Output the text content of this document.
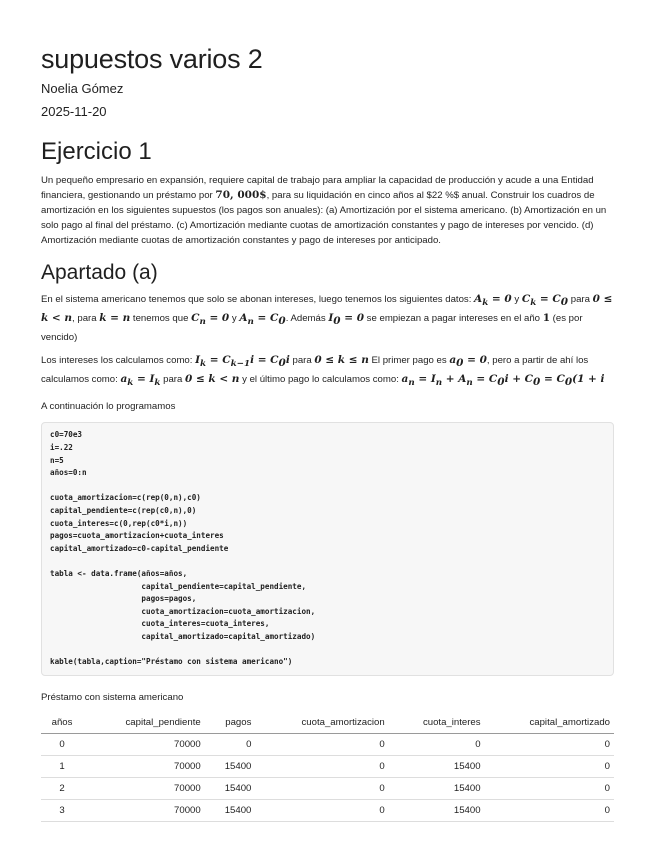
supuestos varios 2

Noelia Gómez

2025-11-20

Ejercicio 1

Un pequeño empresario en expansión, requiere capital de trabajo para ampliar la capacidad de producción y acude a una Entidad financiera, gestionando un préstamo por 70, 000$, para su liquidación en cinco años al $22 %$ anual. Construir los cuadros de amortización en los siguientes supuestos (los pagos son anuales): (a) Amortización por el sistema americano. (b) Amortización en un solo pago al final del préstamo. (c) Amortización mediante cuotas de amortización constantes y pago de intereses por vencido. (d) Amortización mediante cuotas de amortización constantes y pago de intereses por anticipado.

Apartado (a)

En el sistema americano tenemos que solo se abonan intereses, luego tenemos los siguientes datos: $A_k = 0$ y $C_k = C_0$ para 0 ≤ k < n, para k = n tenemos que $C_n = 0$ y $A_n = C_0$. Además $I_0 = 0$ se empiezan a pagar intereses en el año 1 (es por vencido)

Los intereses los calculamos como: $I_k = C_{k-1}i = C_0i$ para 0 ≤ k ≤ n El primer pago es $a_0 = 0$, pero a partir de ahí los calculamos como: $a_k = I_k$ para 0 ≤ k < n y el último pago lo calculamos como: $a_n = I_n + A_n = C_0i + C_0 = C_0(1 + i$

A continuación lo programamos

c0=70e3
i=.22
n=5
años=0:n

cuota_amortizacion=c(rep(0,n),c0)
capital_pendiente=c(rep(c0,n),0)
cuota_interes=c(0,rep(c0*i,n))
pagos=cuota_amortizacion+cuota_interes
capital_amortizado=c0-capital_pendiente

tabla <- data.frame(años=años,
capital_pendiente=capital_pendiente,
pagos=pagos,
cuota_amortizacion=cuota_amortizacion,
cuota_interes=cuota_interes,
capital_amortizado=capital_amortizado)

kable(tabla,caption="Préstamo con sistema americano")

Préstamo con sistema americano

años	capital_pendiente	pagos	cuota_amortizacion	cuota_interes	capital_amortizado
0	70000	0	0	0	0
1	70000	15400	0	15400	0
2	70000	15400	0	15400	0
3	70000	15400	0	15400	0
